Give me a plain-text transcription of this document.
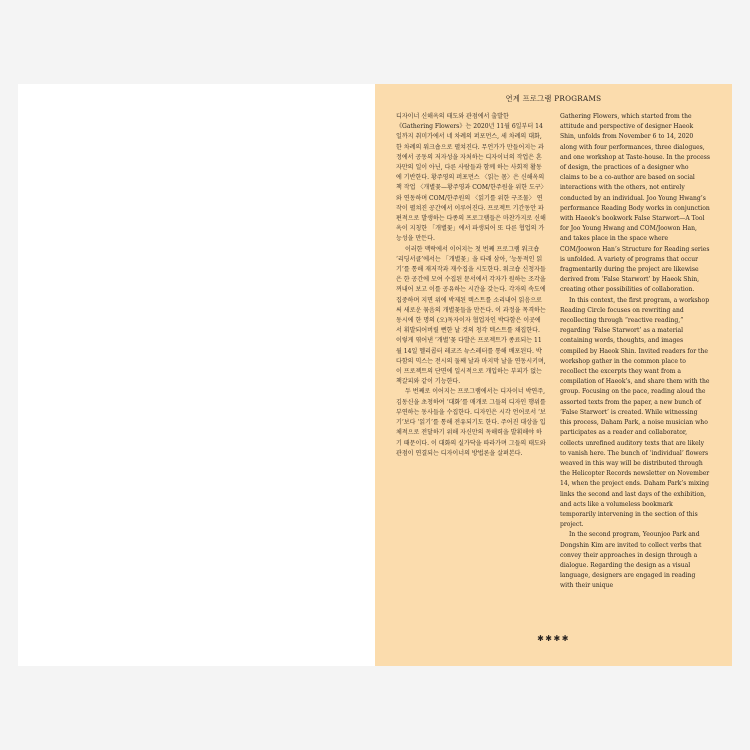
연계 프로그램 PROGRAMS

디자이너 신해옥의 태도와 관점에서 출발한 《Gathering Flowers》는 2020년 11월 6일부터 14일까지 취미가에서 네 차례의 퍼포먼스, 세 차례의 대화, 한 차례의 워크숍으로 펼쳐진다. 무언가가 만들어지는 과정에서 공동의 저자성을 자처하는 디자이너의 작업은 혼자만의 일이 아닌, 다른 사람들과 함께 하는 사회적 활동에 기반한다. 황주영의 퍼포먼스 〈읽는 몸〉은 신해옥의 책 작업 〈개별꽃—황주영과 COM/한주원을 위한 도구〉와 연동하며 COM/한주원의 〈읽기를 위한 구조물〉 연작이 펼쳐진 공간에서 이루어진다. 프로젝트 기간동안 파편적으로 발생하는 다종의 프로그램들은 마찬가지로 신해옥이 지칭한 「개별꽃」에서 파생되어 또 다른 협업의 가능성을 만든다.

이러한 맥락에서 이어지는 첫 번째 프로그램 워크숍 ‘리딩서클’에서는 「개별꽃」을 타래 삼아, ‘능동적인 읽기’를 통해 재저작과 재수집을 시도한다. 워크숍 신청자들은 한 공간에 모여 수집된 문서에서 각자가 원하는 조각을 꺼내어 보고 이를 공유하는 시간을 갖는다. 각자의 속도에 집중하며 지면 위에 박제된 텍스트를 소리내어 읽음으로써 새로운 묶음의 개별꽃들을 만든다. 이 과정을 목격하는 동시에 한 명의 (오)독자이자 협업자인 박다함은 이곳에서 휘발되어버릴 뻔한 날 것의 청각 텍스트를 채집한다. 이렇게 엮어낸 ‘개별’꽃 다발은 프로젝트가 종료되는 11월 14일 헬리콥터 레코즈 뉴스레터를 통해 배포된다. 박다함의 믹스는 전시의 둘째 날과 마지막 날을 연동시키며, 이 프로젝트의 단면에 일시적으로 개입하는 부피가 없는 책갈피와 같이 기능한다.

두 번째로 이어지는 프로그램에서는 디자이너 박연주, 김동신을 초청하여 ‘대화’를 매개로 그들의 디자인 행위를 부연하는 동사들을 수집한다. 디자인은 시각 언어로서 ‘보기’보다 ‘읽기’를 통해 전유되기도 한다. 주어진 대상을 입체적으로 전달하기 위해 자신만의 독해력을 발휘해야 하기 때문이다. 이 대화의 실가닥을 따라가며 그들의 태도와 관점이 연결되는 디자이너의 방법론을 살펴본다.

Gathering Flowers, which started from the attitude and perspective of designer Haeok Shin, unfolds from November 6 to 14, 2020 along with four performances, three dialogues, and one workshop at Taste-house. In the process of design, the practices of a designer who claims to be a co-author are based on social interactions with the others, not entirely conducted by an individual. Joo Young Hwang’s performance Reading Body works in conjunction with Haeok’s bookwork False Starwort—A Tool for Joo Young Hwang and COM/Joowon Han, and takes place in the space where COM/Joowon Han’s Structure for Reading series is unfolded. A variety of programs that occur fragmentarily during the project are likewise derived from ‘False Starwort’ by Haeok Shin, creating other possibilities of collaboration.

In this context, the first program, a workshop Reading Circle focuses on rewriting and recollecting through “reactive reading,” regarding ‘False Starwort’ as a material containing words, thoughts, and images compiled by Haeok Shin. Invited readers for the workshop gather in the common place to recollect the excerpts they want from a compilation of Haeok’s, and share them with the group. Focusing on the pace, reading aloud the assorted texts from the paper, a new bunch of ‘False Starwort’ is created. While witnessing this process, Daham Park, a noise musician who participates as a reader and collaborator, collects unrefined auditory texts that are likely to vanish here. The bunch of ‘individual’ flowers weaved in this way will be distributed through the Helicopter Records newsletter on November 14, when the project ends. Daham Park’s mixing links the second and last days of the exhibition, and acts like a volumeless bookmark temporarily intervening in the section of this project.

In the second program, Yeounjoo Park and Dongshin Kim are invited to collect verbs that convey their approaches in design through a dialogue. Regarding the design as a visual language, designers are engaged in reading with their unique

✱✱✱✱
